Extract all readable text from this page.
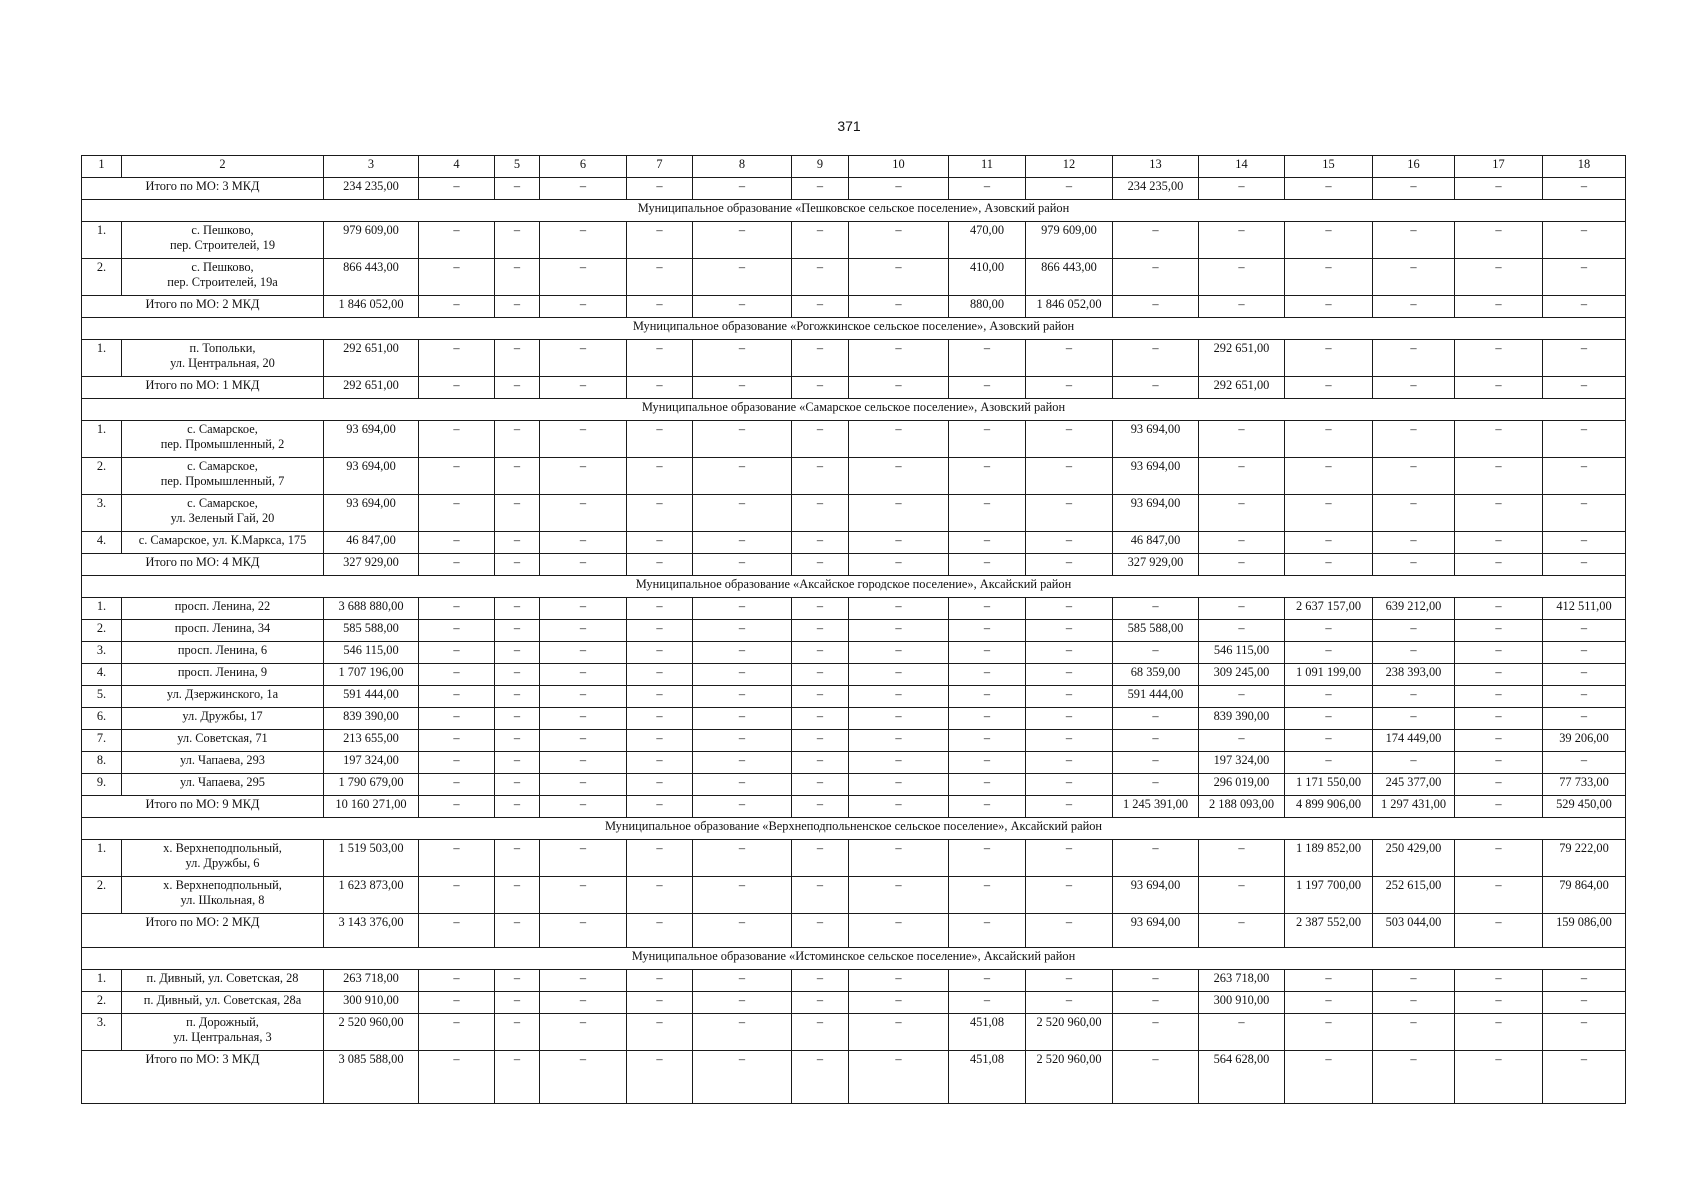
371
1	2	3	4	5	6	7	8	9	10	11	12	13	14	15	16	17	18
Итого по МО: 3 МКД		234 235,00	–	–	–	–	–	–	–	–	–	234 235,00	–	–	–	–	–
Муниципальное образование «Пешковское сельское поселение», Азовский район																	
1.	с. Пешково,
пер. Строителей, 19	979 609,00	–	–	–	–	–	–	–	470,00	979 609,00	–	–	–	–	–	–
2.	с. Пешково,
пер. Строителей, 19а	866 443,00	–	–	–	–	–	–	–	410,00	866 443,00	–	–	–	–	–	–
Итого по МО: 2 МКД		1 846 052,00	–	–	–	–	–	–	–	880,00	1 846 052,00	–	–	–	–	–	–
Муниципальное образование «Рогожкинское сельское поселение», Азовский район																	
1.	п. Топольки,
ул. Центральная, 20	292 651,00	–	–	–	–	–	–	–	–	–	–	292 651,00	–	–	–	–
Итого по МО: 1 МКД		292 651,00	–	–	–	–	–	–	–	–	–	–	292 651,00	–	–	–	–
Муниципальное образование «Самарское сельское поселение», Азовский район																	
1.	с. Самарское,
пер. Промышленный, 2	93 694,00	–	–	–	–	–	–	–	–	–	93 694,00	–	–	–	–	–
2.	с. Самарское,
пер. Промышленный, 7	93 694,00	–	–	–	–	–	–	–	–	–	93 694,00	–	–	–	–	–
3.	с. Самарское,
ул. Зеленый Гай, 20	93 694,00	–	–	–	–	–	–	–	–	–	93 694,00	–	–	–	–	–
4.	с. Самарское, ул. К.Маркса, 175	46 847,00	–	–	–	–	–	–	–	–	–	46 847,00	–	–	–	–	–
Итого по МО: 4 МКД		327 929,00	–	–	–	–	–	–	–	–	–	327 929,00	–	–	–	–	–
Муниципальное образование «Аксайское городское поселение», Аксайский район																	
1.	просп. Ленина, 22	3 688 880,00	–	–	–	–	–	–	–	–	–	–	–	2 637 157,00	639 212,00	–	412 511,00
2.	просп. Ленина, 34	585 588,00	–	–	–	–	–	–	–	–	–	585 588,00	–	–	–	–	–
3.	просп. Ленина, 6	546 115,00	–	–	–	–	–	–	–	–	–	–	546 115,00	–	–	–	–
4.	просп. Ленина, 9	1 707 196,00	–	–	–	–	–	–	–	–	–	68 359,00	309 245,00	1 091 199,00	238 393,00	–	–
5.	ул. Дзержинского, 1а	591 444,00	–	–	–	–	–	–	–	–	–	591 444,00	–	–	–	–	–
6.	ул. Дружбы, 17	839 390,00	–	–	–	–	–	–	–	–	–	–	839 390,00	–	–	–	–
7.	ул. Советская, 71	213 655,00	–	–	–	–	–	–	–	–	–	–	–	–	174 449,00	–	39 206,00
8.	ул. Чапаева, 293	197 324,00	–	–	–	–	–	–	–	–	–	–	197 324,00	–	–	–	–
9.	ул. Чапаева, 295	1 790 679,00	–	–	–	–	–	–	–	–	–	–	296 019,00	1 171 550,00	245 377,00	–	77 733,00
Итого по МО: 9 МКД		10 160 271,00	–	–	–	–	–	–	–	–	–	1 245 391,00	2 188 093,00	4 899 906,00	1 297 431,00	–	529 450,00
Муниципальное образование «Верхнеподпольненское сельское поселение», Аксайский район																	
1.	х. Верхнеподпольный,
ул. Дружбы, 6	1 519 503,00	–	–	–	–	–	–	–	–	–	–	–	1 189 852,00	250 429,00	–	79 222,00
2.	х. Верхнеподпольный,
ул. Школьная, 8	1 623 873,00	–	–	–	–	–	–	–	–	–	93 694,00	–	1 197 700,00	252 615,00	–	79 864,00
Итого по МО: 2 МКД		3 143 376,00	–	–	–	–	–	–	–	–	–	93 694,00	–	2 387 552,00	503 044,00	–	159 086,00
Муниципальное образование «Истоминское сельское поселение», Аксайский район																	
1.	п. Дивный, ул. Советская, 28	263 718,00	–	–	–	–	–	–	–	–	–	–	263 718,00	–	–	–	–
2.	п. Дивный, ул. Советская, 28а	300 910,00	–	–	–	–	–	–	–	–	–	–	300 910,00	–	–	–	–
3.	п. Дорожный,
ул. Центральная, 3	2 520 960,00	–	–	–	–	–	–	–	451,08	2 520 960,00	–	–	–	–	–	–
Итого по МО: 3 МКД		3 085 588,00	–	–	–	–	–	–	–	451,08	2 520 960,00	–	564 628,00	–	–	–	–
